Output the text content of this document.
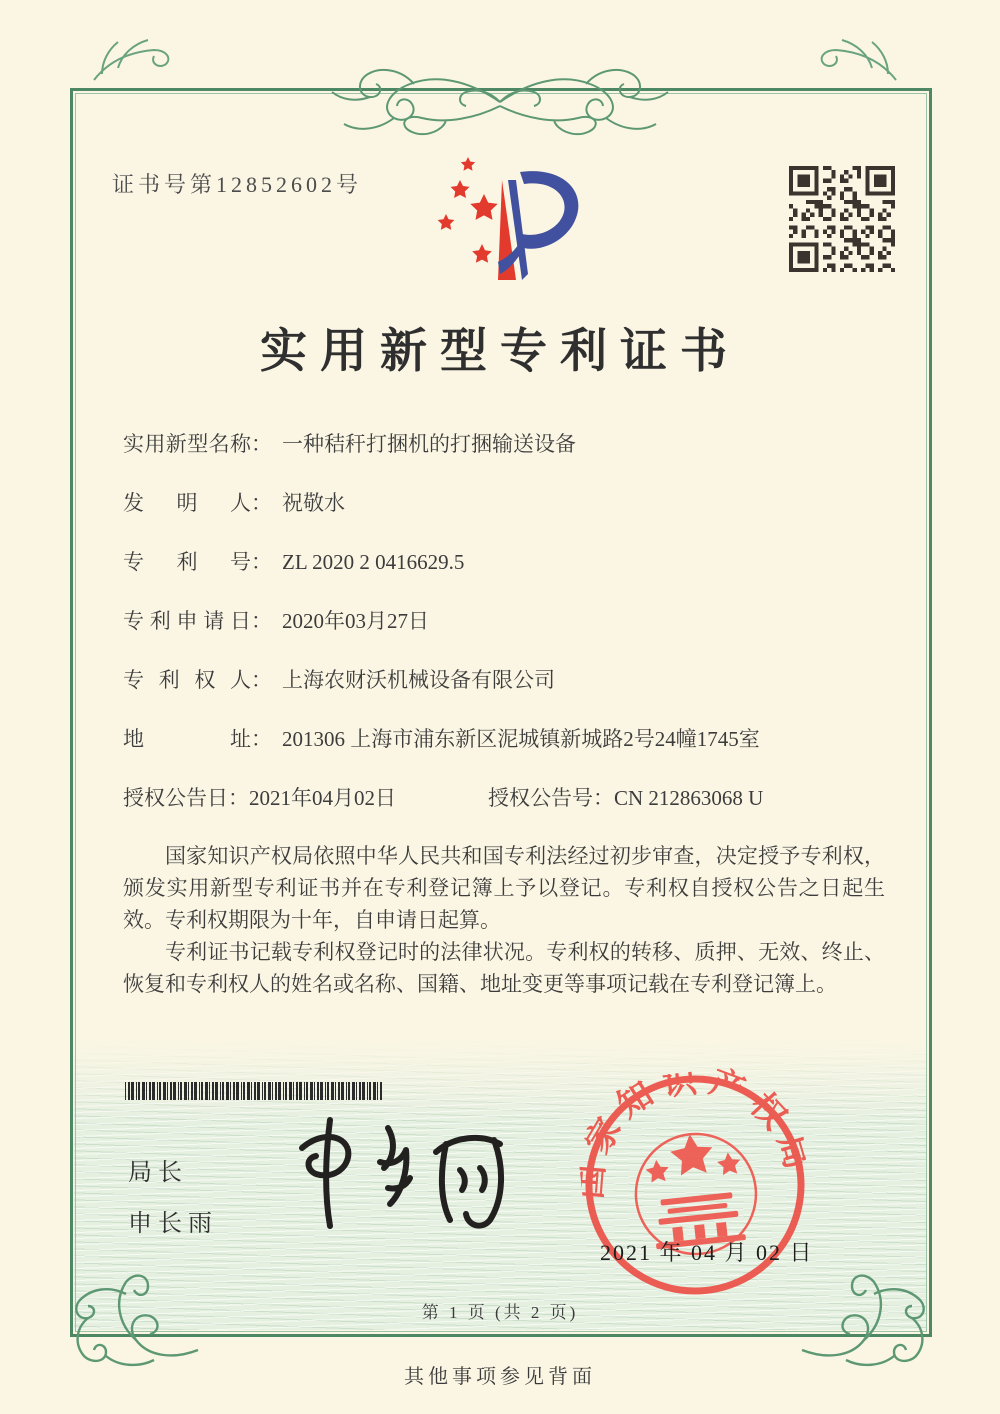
证书号第12852602号
实用新型专利证书
实用新型名称 ： 一种秸秆打捆机的打捆输送设备
发明人 ： 祝敬水
专利号 ： ZL 2020 2 0416629.5
专利申请日 ： 2020年03月27日
专利权人 ： 上海农财沃机械设备有限公司
地址 ： 201306 上海市浦东新区泥城镇新城路2号24幢1745室
授权公告日 ： 2021年04月02日	授权公告号 ： CN 212863068 U

国家知识产权局依照中华人民共和国专利法经过初步审查，决定授予专利权，颁发实用新型专利证书并在专利登记簿上予以登记。专利权自授权公告之日起生效。专利权期限为十年，自申请日起算。

专利证书记载专利权登记时的法律状况。专利权的转移、质押、无效、终止、恢复和专利权人的姓名或名称、国籍、地址变更等事项记载在专利登记簿上。

局长
申长雨
国家知识产权局
2021 年 04 月 02 日
第 1 页 (共 2 页)
其他事项参见背面
